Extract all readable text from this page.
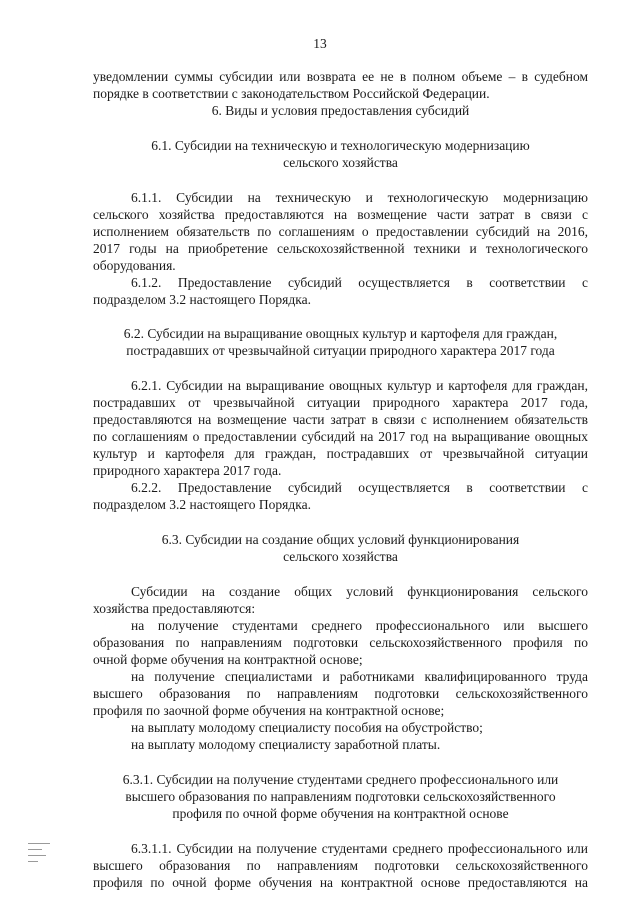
13
уведомлении суммы субсидии или возврата ее не в полном объеме – в судебном
порядке в соответствии с законодательством Российской Федерации.
6. Виды и условия предоставления субсидий
6.1. Субсидии на техническую и технологическую модернизацию
сельского хозяйства
6.1.1. Субсидии на техническую и технологическую модернизацию
сельского хозяйства предоставляются на возмещение части затрат в связи с
исполнением обязательств по соглашениям о предоставлении субсидий на 2016,
2017 годы на приобретение сельскохозяйственной техники и технологического
оборудования.
6.1.2. Предоставление субсидий осуществляется в соответствии с
подразделом 3.2 настоящего Порядка.
6.2. Субсидии на выращивание овощных культур и картофеля для граждан,
пострадавших от чрезвычайной ситуации природного характера 2017 года
6.2.1. Субсидии на выращивание овощных культур и картофеля для граждан,
пострадавших от чрезвычайной ситуации природного характера 2017 года,
предоставляются на возмещение части затрат в связи с исполнением обязательств
по соглашениям о предоставлении субсидий на 2017 год на выращивание овощных
культур и картофеля для граждан, пострадавших от чрезвычайной ситуации
природного характера 2017 года.
6.2.2. Предоставление субсидий осуществляется в соответствии с
подразделом 3.2 настоящего Порядка.
6.3. Субсидии на создание общих условий функционирования
сельского хозяйства
Субсидии на создание общих условий функционирования сельского
хозяйства предоставляются:
на получение студентами среднего профессионального или высшего
образования по направлениям подготовки сельскохозяйственного профиля по
очной форме обучения на контрактной основе;
на получение специалистами и работниками квалифицированного труда
высшего образования по направлениям подготовки сельскохозяйственного
профиля по заочной форме обучения на контрактной основе;
на выплату молодому специалисту пособия на обустройство;
на выплату молодому специалисту заработной платы.
6.3.1. Субсидии на получение студентами среднего профессионального или
высшего образования по направлениям подготовки сельскохозяйственного
профиля по очной форме обучения на контрактной основе
6.3.1.1. Субсидии на получение студентами среднего профессионального или
высшего образования по направлениям подготовки сельскохозяйственного
профиля по очной форме обучения на контрактной основе предоставляются на
